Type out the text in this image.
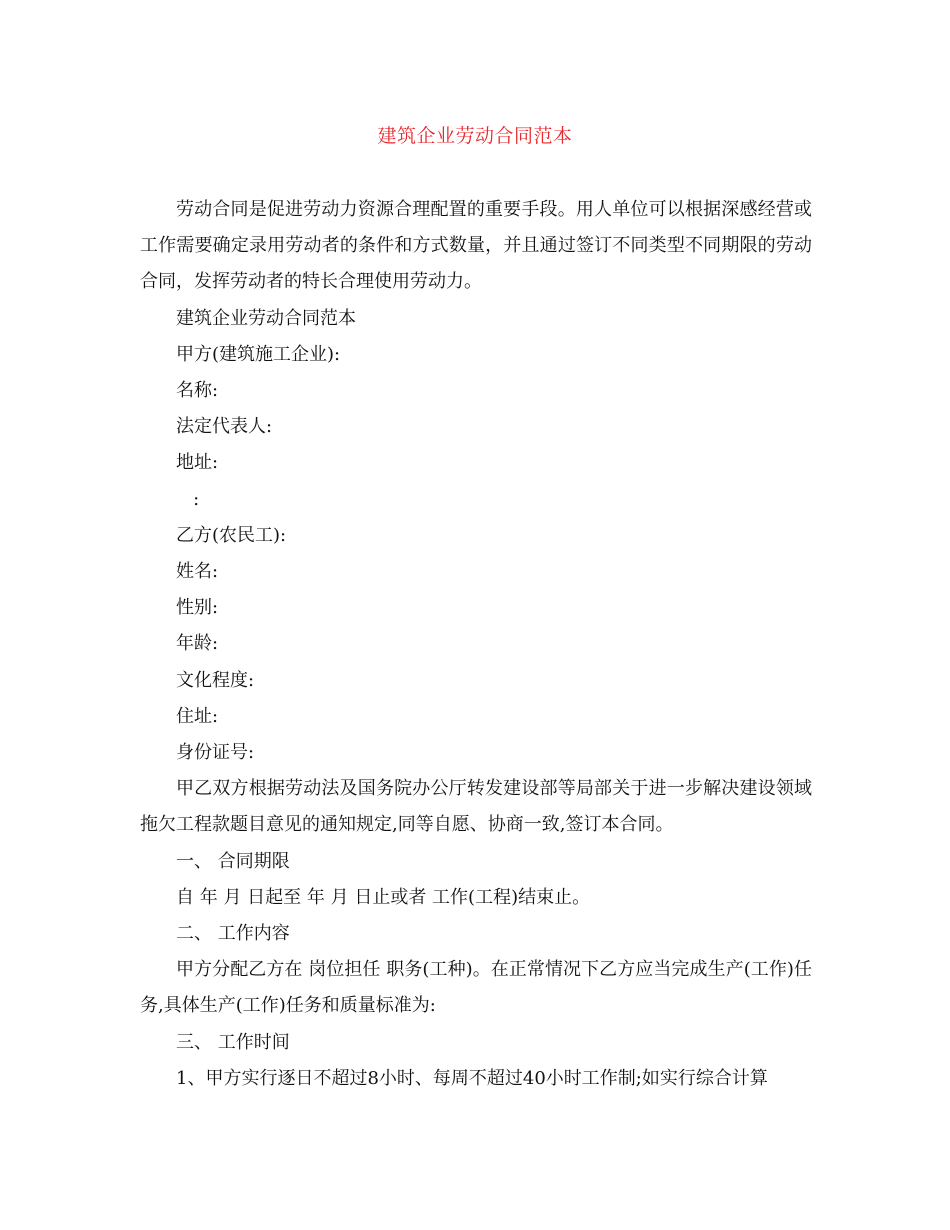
建筑企业劳动合同范本

劳动合同是促进劳动力资源合理配置的重要手段。用人单位可以根据深感经营或工作需要确定录用劳动者的条件和方式数量，并且通过签订不同类型不同期限的劳动合同，发挥劳动者的特长合理使用劳动力。

建筑企业劳动合同范本

甲方(建筑施工企业):

名称:

法定代表人:

地址:

:

乙方(农民工):

姓名:

性别:

年龄:

文化程度:

住址:

身份证号:

甲乙双方根据劳动法及国务院办公厅转发建设部等局部关于进一步解决建设领域拖欠工程款题目意见的通知规定,同等自愿、协商一致,签订本合同。

一、 合同期限

自 年 月 日起至 年 月 日止或者 工作(工程)结束止。

二、 工作内容

甲方分配乙方在 岗位担任 职务(工种)。在正常情况下乙方应当完成生产(工作)任务,具体生产(工作)任务和质量标准为:

三、 工作时间

1、甲方实行逐日不超过8小时、每周不超过40小时工作制;如实行综合计算
